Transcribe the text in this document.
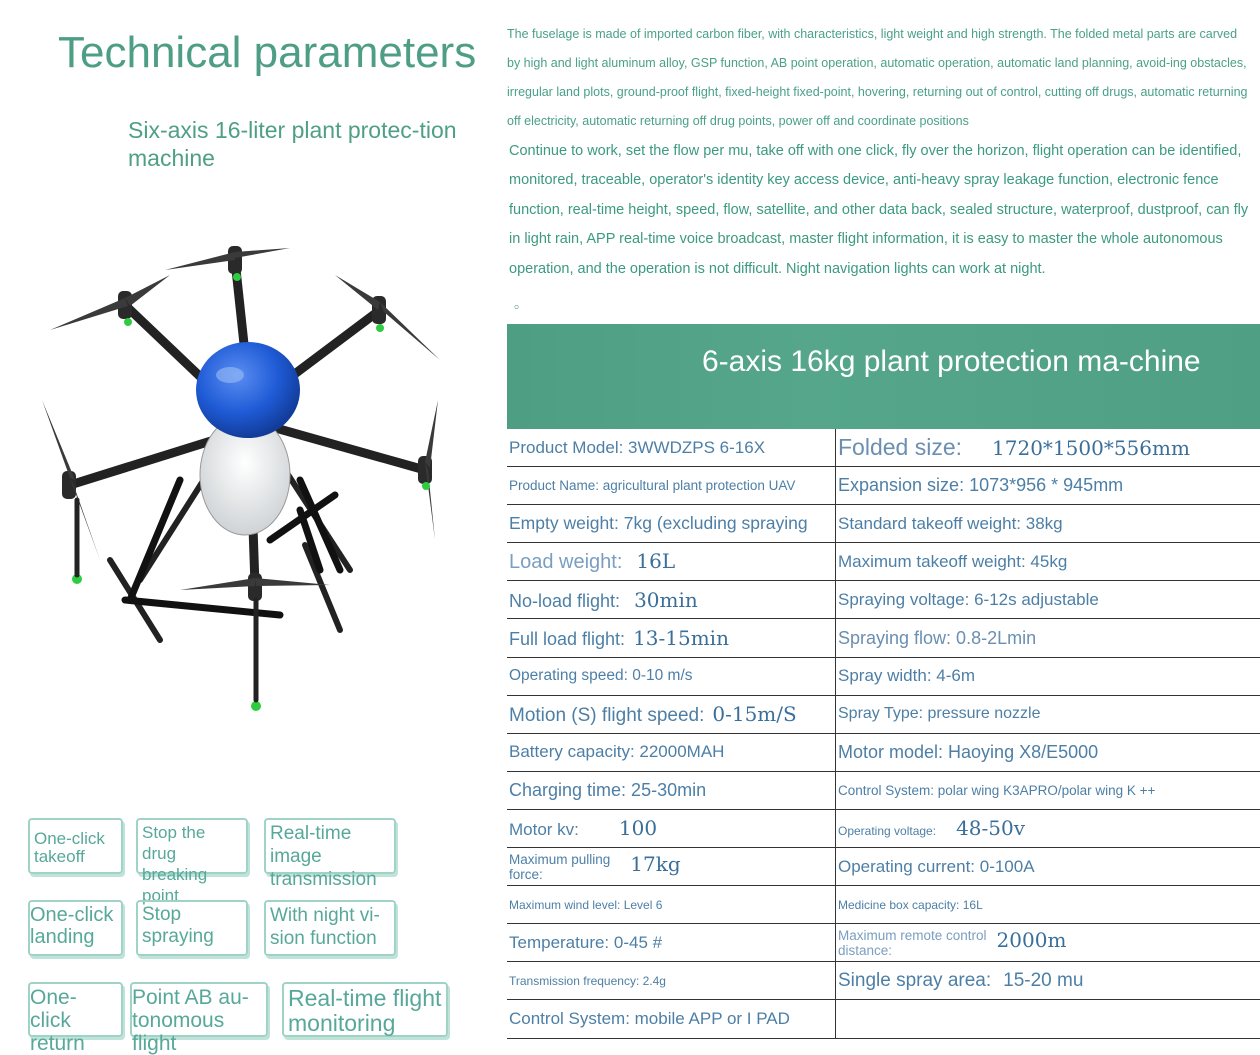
Technical parameters
Six-axis 16-liter plant protec-tion machine
The fuselage is made of imported carbon fiber, with characteristics, light weight and high strength. The folded metal parts are carved by high and light aluminum alloy, GSP function, AB point operation, automatic operation, automatic land planning, avoid-ing obstacles, irregular land plots, ground-proof flight, fixed-height fixed-point, hovering, returning out of control, cutting off drugs, automatic returning off electricity, automatic returning off drug points, power off and coordinate positions
Continue to work, set the flow per mu, take off with one click, fly over the horizon, flight operation can be identified, monitored, traceable, operator's identity key access device, anti-heavy spray leakage function, electronic fence function, real-time height, speed, flow, satellite, and other data back, sealed structure, waterproof, dustproof, can fly in light rain, APP real-time voice broadcast, master flight information, it is easy to master the whole autonomous operation, and the operation is not difficult. Night navigation lights can work at night.
。
6-axis 16kg plant protection ma-chine
Product Model: 3WWDZPS 6-16X	Folded size: 1720*1500*556mm
Product Name: agricultural plant protection UAV	Expansion size: 1073*956 * 945mm
Empty weight: 7kg (excluding spraying	Standard takeoff weight: 38kg
Load weight: 16L	Maximum takeoff weight: 45kg
No-load flight: 30min	Spraying voltage: 6-12s adjustable
Full load flight: 13-15min	Spraying flow: 0.8-2Lmin
Operating speed: 0-10 m/s	Spray width: 4-6m
Motion (S) flight speed: 0-15m/S	Spray Type: pressure nozzle
Battery capacity: 22000MAH	Motor model: Haoying X8/E5000
Charging time: 25-30min	Control System: polar wing K3APRO/polar wing K ++
Motor kv: 100	Operating voltage: 48-50v
Maximum pulling
force: 17kg	Operating current: 0-100A
Maximum wind level: Level 6	Medicine box capacity: 16L
Temperature: 0-45 #	Maximum remote control
distance: 2000m
Transmission frequency: 2.4g	Single spray area: 15-20 mu
Control System: mobile APP or I PAD	
One-click takeoff
Stop the drug breaking point
Real-time image transmission
One-click landing
Stop spraying
With night vi-sion function
One-click return
Point AB au-tonomous flight
Real-time flight monitoring
